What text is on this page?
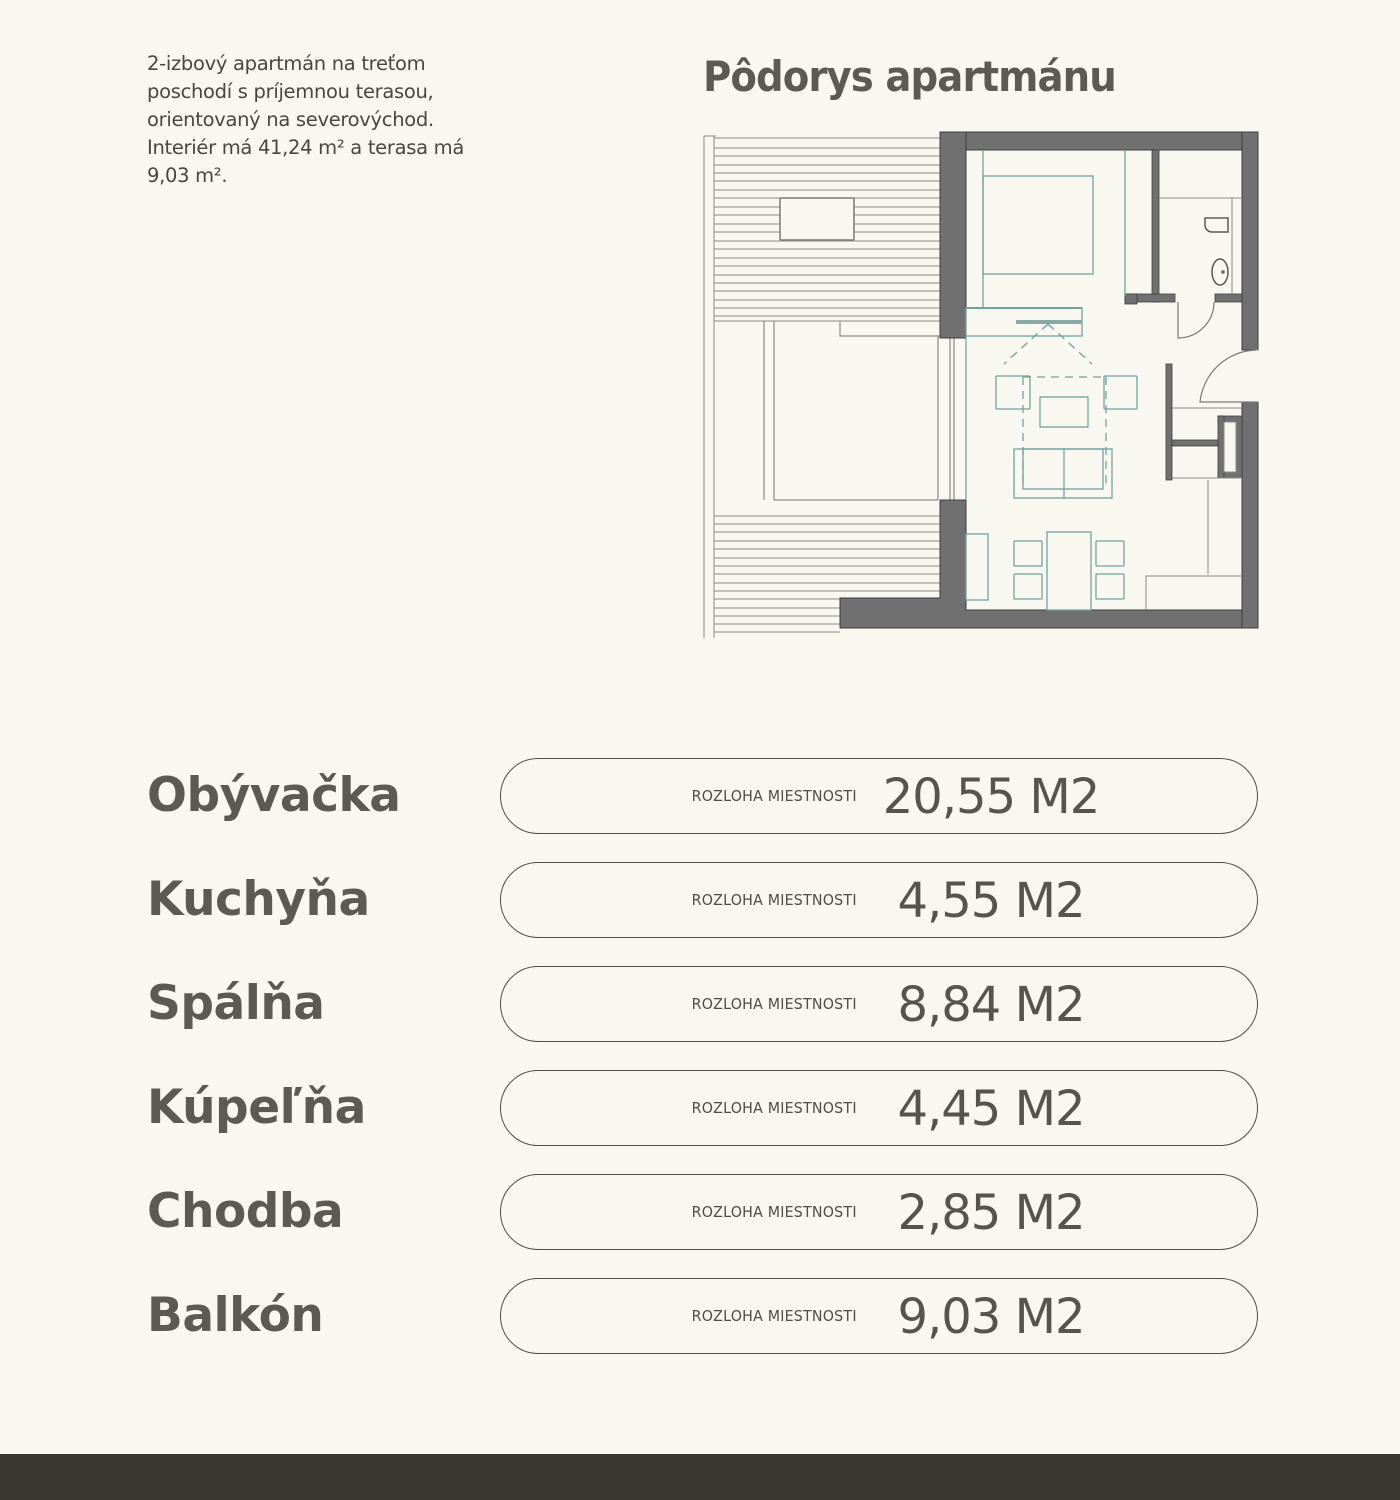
2-izbový apartmán na treťom poschodí s príjemnou terasou, orientovaný na severovýchod. Interiér má 41,24 m² a terasa má 9,03 m².

Pôdorys apartmánu
Obývačka	ROZLOHA MIESTNOSTI 20,55 M2
Kuchyňa	ROZLOHA MIESTNOSTI 4,55 M2
Spálňa	ROZLOHA MIESTNOSTI 8,84 M2
Kúpeľňa	ROZLOHA MIESTNOSTI 4,45 M2
Chodba	ROZLOHA MIESTNOSTI 2,85 M2
Balkón	ROZLOHA MIESTNOSTI 9,03 M2
